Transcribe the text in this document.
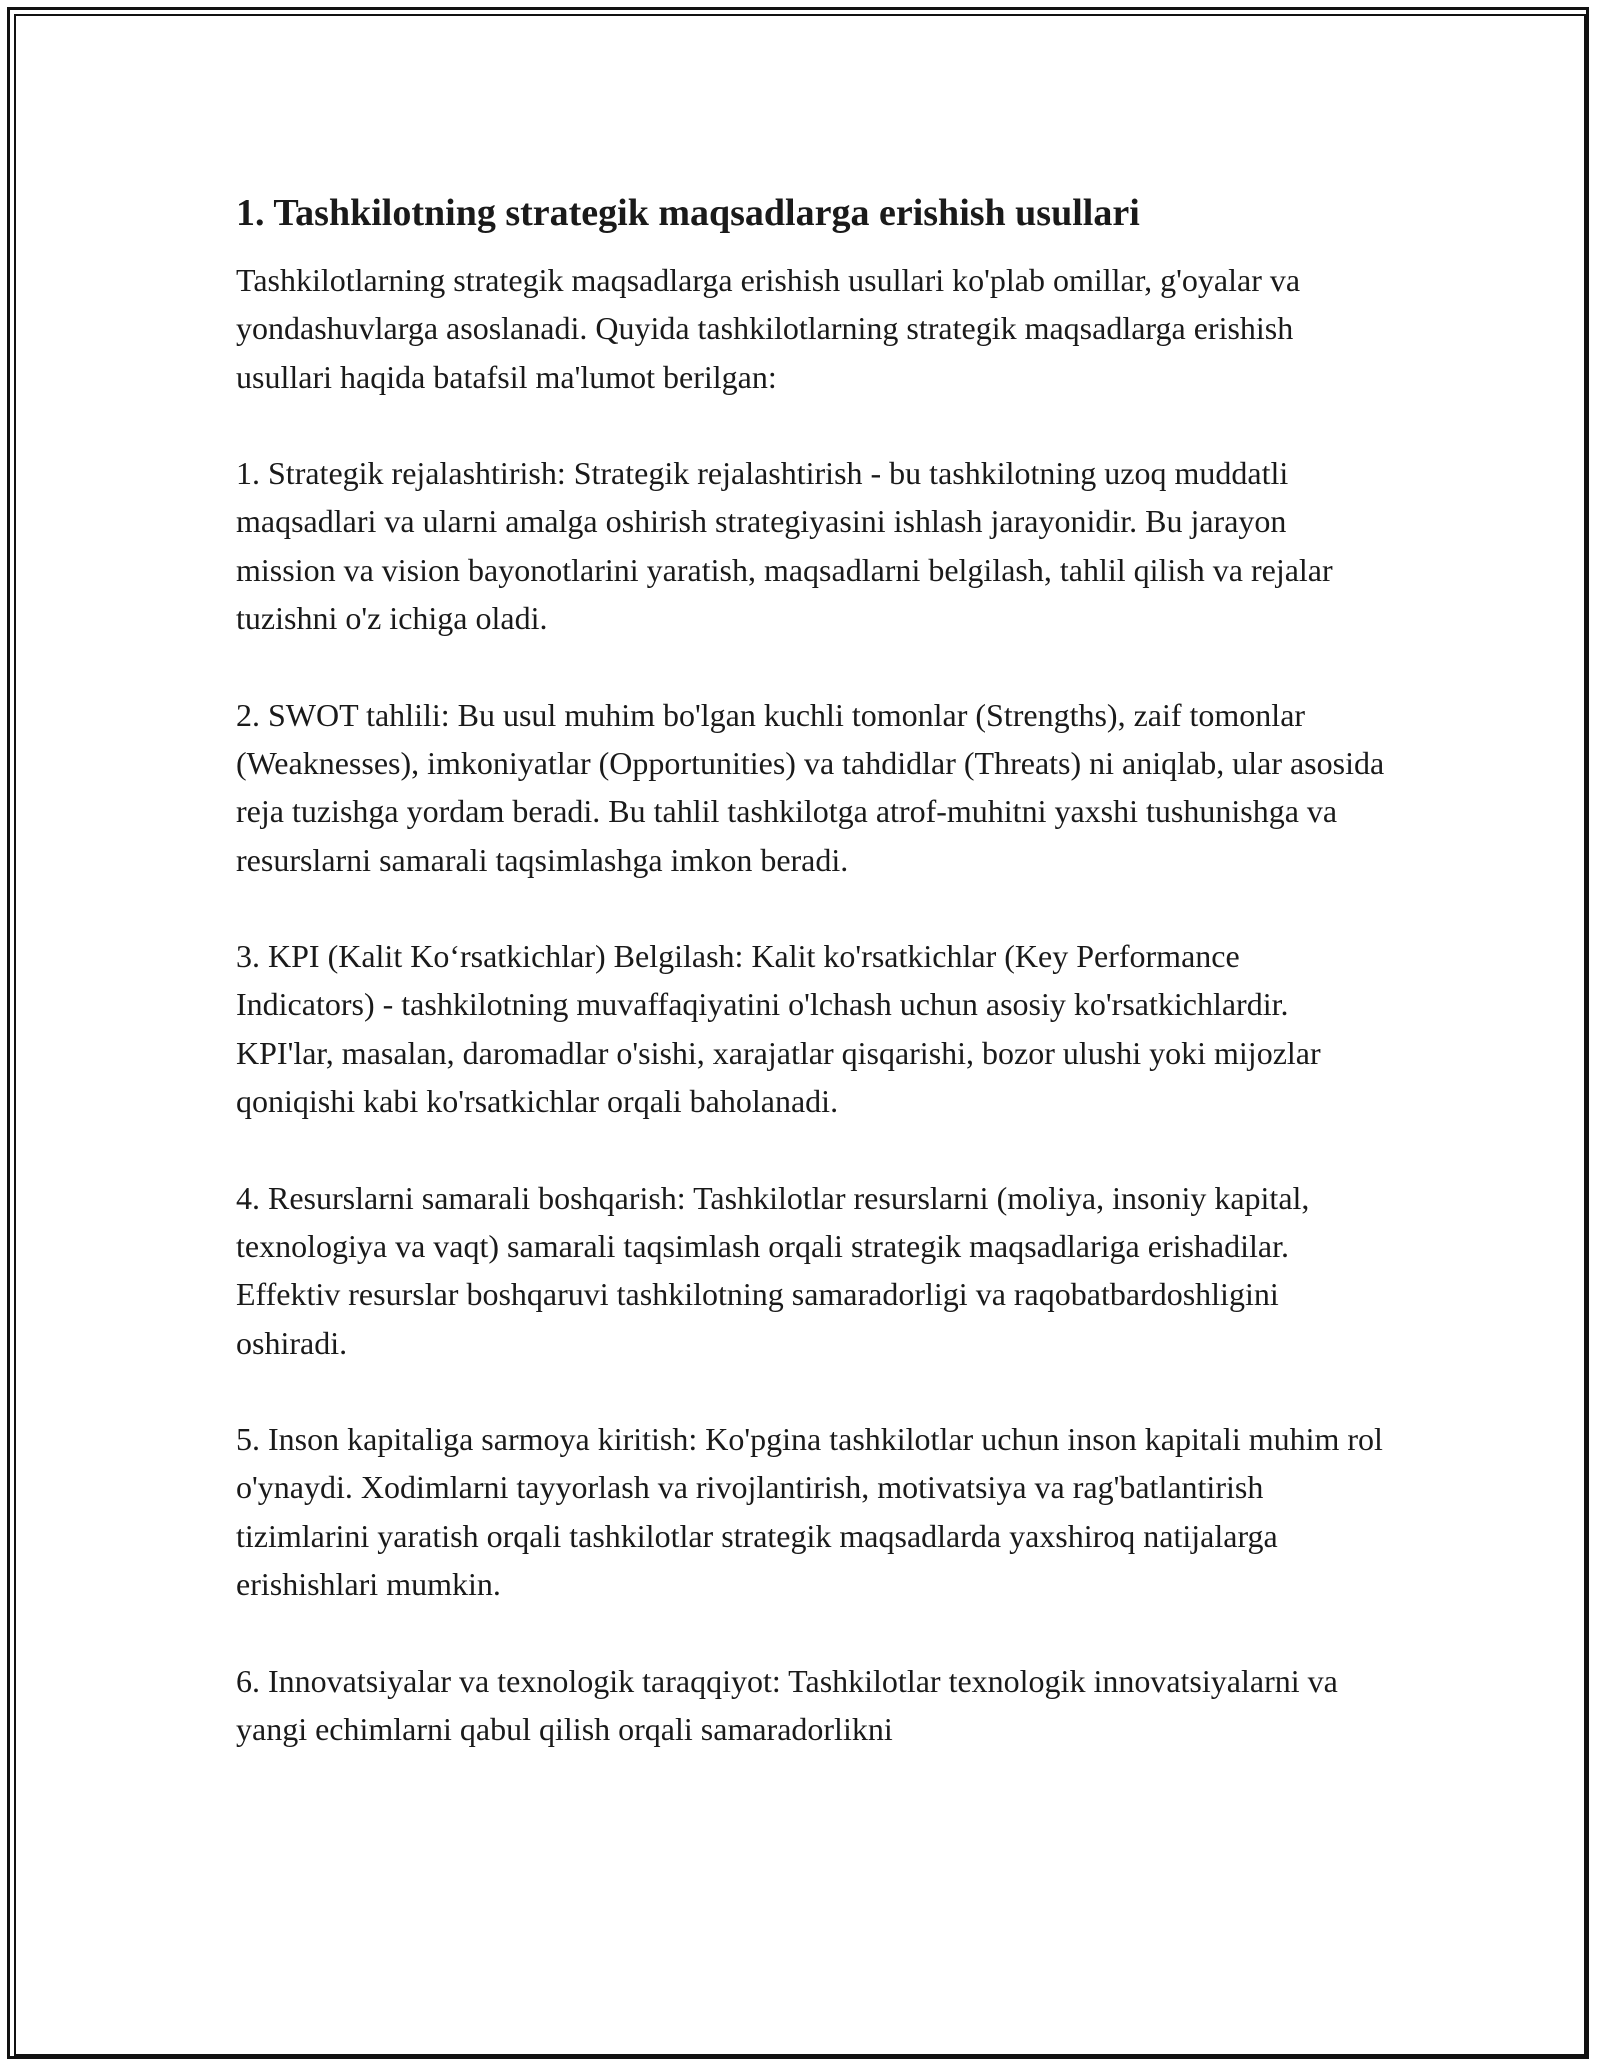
1. Tashkilotning strategik maqsadlarga erishish usullari

Tashkilotlarning strategik maqsadlarga erishish usullari ko'plab omillar, g'oyalar va yondashuvlarga asoslanadi. Quyida tashkilotlarning strategik maqsadlarga erishish usullari haqida batafsil ma'lumot berilgan:

1. Strategik rejalashtirish: Strategik rejalashtirish - bu tashkilotning uzoq muddatli maqsadlari va ularni amalga oshirish strategiyasini ishlash jarayonidir. Bu jarayon mission va vision bayonotlarini yaratish, maqsadlarni belgilash, tahlil qilish va rejalar tuzishni o'z ichiga oladi.

2. SWOT tahlili: Bu usul muhim bo'lgan kuchli tomonlar (Strengths), zaif tomonlar (Weaknesses), imkoniyatlar (Opportunities) va tahdidlar (Threats) ni aniqlab, ular asosida reja tuzishga yordam beradi. Bu tahlil tashkilotga atrof-muhitni yaxshi tushunishga va resurslarni samarali taqsimlashga imkon beradi.

3. KPI (Kalit Ko‘rsatkichlar) Belgilash: Kalit ko'rsatkichlar (Key Performance Indicators) - tashkilotning muvaffaqiyatini o'lchash uchun asosiy ko'rsatkichlardir. KPI'lar, masalan, daromadlar o'sishi, xarajatlar qisqarishi, bozor ulushi yoki mijozlar qoniqishi kabi ko'rsatkichlar orqali baholanadi.

4. Resurslarni samarali boshqarish: Tashkilotlar resurslarni (moliya, insoniy kapital, texnologiya va vaqt) samarali taqsimlash orqali strategik maqsadlariga erishadilar. Effektiv resurslar boshqaruvi tashkilotning samaradorligi va raqobatbardoshligini oshiradi.

5. Inson kapitaliga sarmoya kiritish: Ko'pgina tashkilotlar uchun inson kapitali muhim rol o'ynaydi. Xodimlarni tayyorlash va rivojlantirish, motivatsiya va rag'batlantirish tizimlarini yaratish orqali tashkilotlar strategik maqsadlarda yaxshiroq natijalarga erishishlari mumkin.

6. Innovatsiyalar va texnologik taraqqiyot: Tashkilotlar texnologik innovatsiyalarni va yangi echimlarni qabul qilish orqali samaradorlikni
